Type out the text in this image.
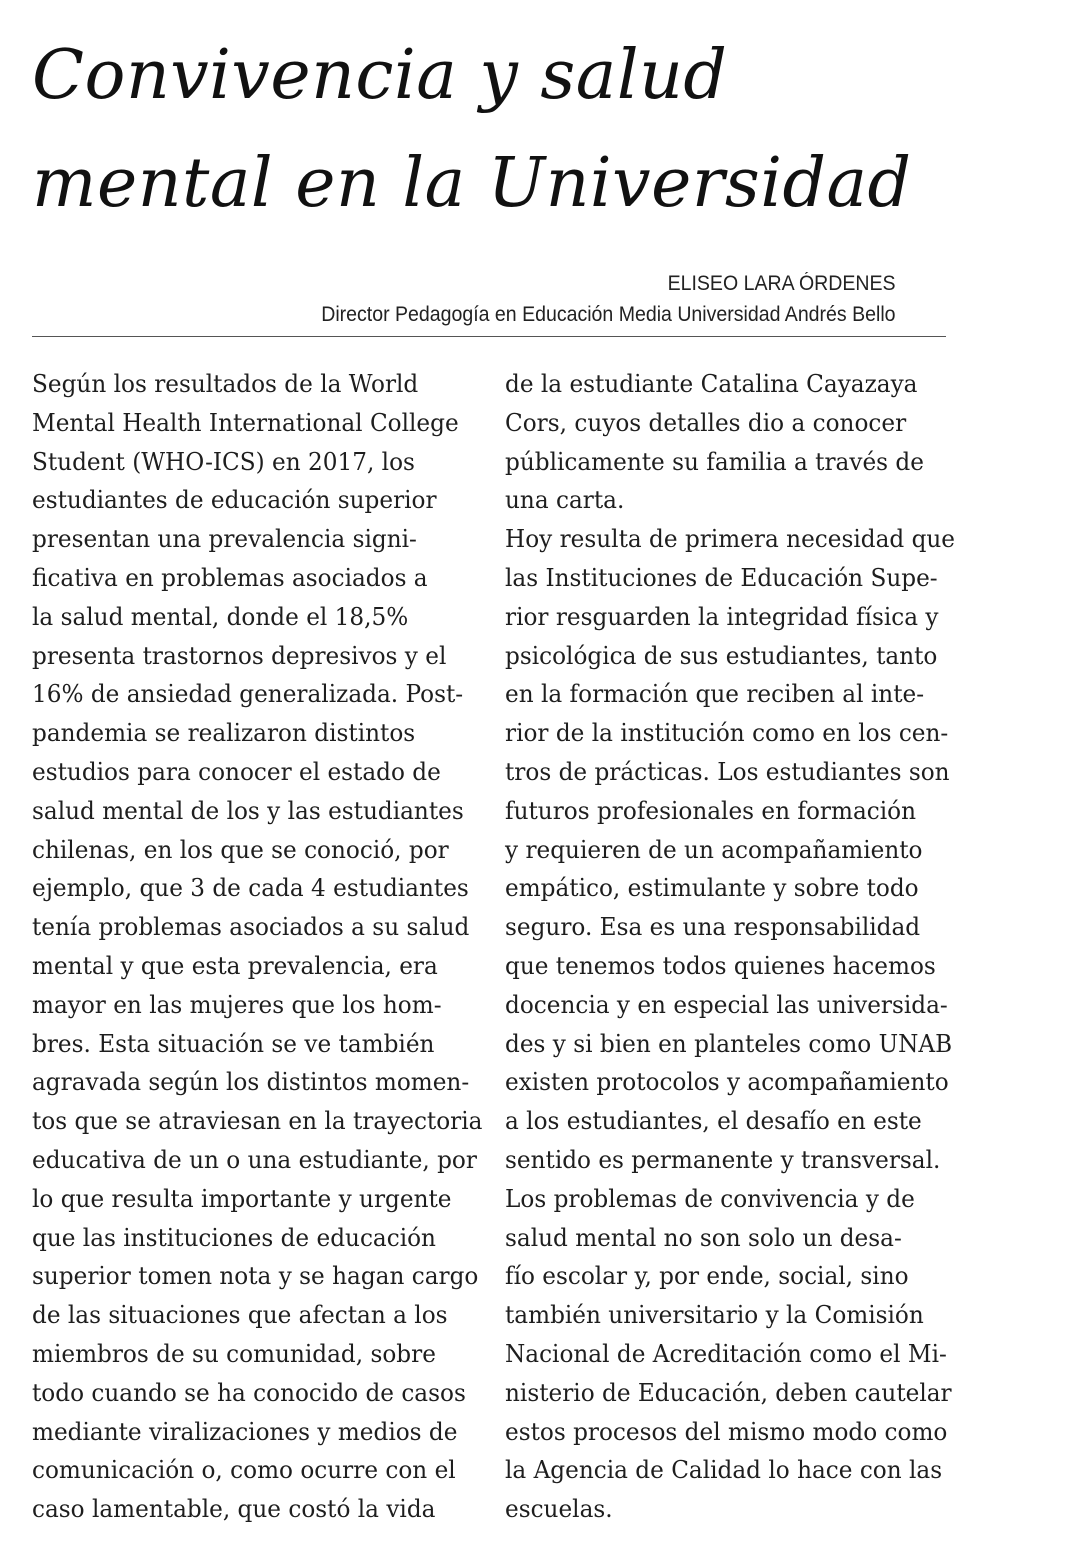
Convivencia y salud
mental en la Universidad
ELISEO LARA ÓRDENES
Director Pedagogía en Educación Media Universidad Andrés Bello
Según los resultados de la World
Mental Health International College
Student (WHO-ICS) en 2017, los
estudiantes de educación superior
presentan una prevalencia signi-
ficativa en problemas asociados a
la salud mental, donde el 18,5%
presenta trastornos depresivos y el
16% de ansiedad generalizada. Post-
pandemia se realizaron distintos
estudios para conocer el estado de
salud mental de los y las estudiantes
chilenas, en los que se conoció, por
ejemplo, que 3 de cada 4 estudiantes
tenía problemas asociados a su salud
mental y que esta prevalencia, era
mayor en las mujeres que los hom-
bres. Esta situación se ve también
agravada según los distintos momen-
tos que se atraviesan en la trayectoria
educativa de un o una estudiante, por
lo que resulta importante y urgente
que las instituciones de educación
superior tomen nota y se hagan cargo
de las situaciones que afectan a los
miembros de su comunidad, sobre
todo cuando se ha conocido de casos
mediante viralizaciones y medios de
comunicación o, como ocurre con el
caso lamentable, que costó la vida
de la estudiante Catalina Cayazaya
Cors, cuyos detalles dio a conocer
públicamente su familia a través de
una carta.
Hoy resulta de primera necesidad que
las Instituciones de Educación Supe-
rior resguarden la integridad física y
psicológica de sus estudiantes, tanto
en la formación que reciben al inte-
rior de la institución como en los cen-
tros de prácticas. Los estudiantes son
futuros profesionales en formación
y requieren de un acompañamiento
empático, estimulante y sobre todo
seguro. Esa es una responsabilidad
que tenemos todos quienes hacemos
docencia y en especial las universida-
des y si bien en planteles como UNAB
existen protocolos y acompañamiento
a los estudiantes, el desafío en este
sentido es permanente y transversal.
Los problemas de convivencia y de
salud mental no son solo un desa-
fío escolar y, por ende, social, sino
también universitario y la Comisión
Nacional de Acreditación como el Mi-
nisterio de Educación, deben cautelar
estos procesos del mismo modo como
la Agencia de Calidad lo hace con las
escuelas.
